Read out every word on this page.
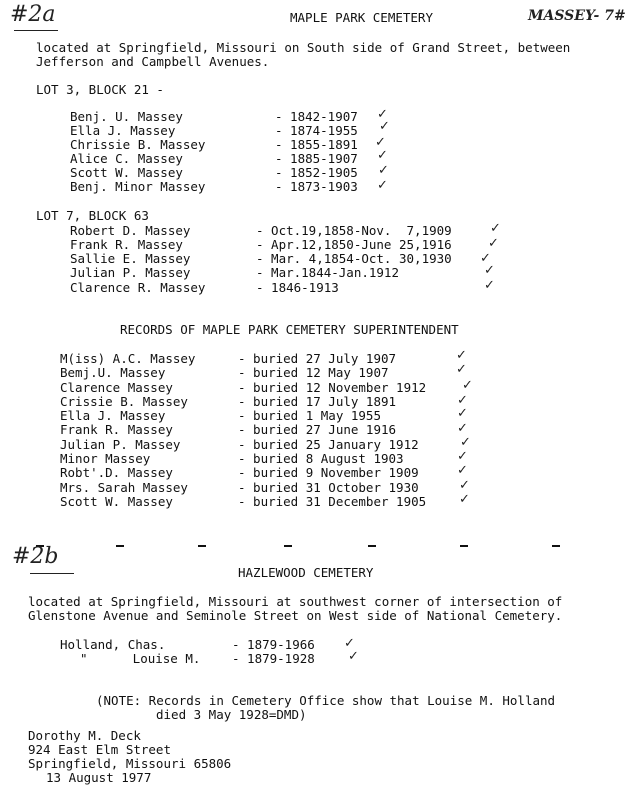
#2a	MASSEY- 7#
MAPLE PARK CEMETERY
located at Springfield, Missouri on South side of Grand Street, between
Jefferson and Campbell Avenues.
LOT 3, BLOCK 21 -
Benj. U. Massey	- 1842-1907 ✓
Ella J. Massey	- 1874-1955 ✓
Chrissie B. Massey	- 1855-1891 ✓
Alice C. Massey	- 1885-1907 ✓
Scott W. Massey	- 1852-1905 ✓
Benj. Minor Massey	- 1873-1903 ✓
LOT 7, BLOCK 63
Robert D. Massey	- Oct.19,1858-Nov.  7,1909	✓
Frank R. Massey	- Apr.12,1850-June 25,1916	✓
Sallie E. Massey	- Mar. 4,1854-Oct. 30,1930 ✓
Julian P. Massey	- Mar.1844-Jan.1912	✓
Clarence R. Massey	- 1846-1913	✓
RECORDS OF MAPLE PARK CEMETERY SUPERINTENDENT
M(iss) A.C. Massey	- buried 27 July 1907	✓
Bemj.U. Massey	- buried 12 May 1907	✓
Clarence Massey	- buried 12 November 1912	✓
Crissie B. Massey	- buried 17 July 1891	✓
Ella J. Massey	- buried 1 May 1955	✓
Frank R. Massey	- buried 27 June 1916	✓
Julian P. Massey	- buried 25 January 1912	✓
Minor Massey	- buried 8 August 1903	✓
Robt'.D. Massey	- buried 9 November 1909	✓
Mrs. Sarah Massey	- buried 31 October 1930	✓
Scott W. Massey	- buried 31 December 1905	✓
#2b
HAZLEWOOD CEMETERY
located at Springfield, Missouri at southwest corner of intersection of
Glenstone Avenue and Seminole Street on West side of National Cemetery.
Holland, Chas.	- 1879-1966 ✓
"      Louise M.	- 1879-1928	✓
(NOTE: Records in Cemetery Office show that Louise M. Holland
died 3 May 1928=DMD)
Dorothy M. Deck
924 East Elm Street
Springfield, Missouri 65806
13 August 1977
